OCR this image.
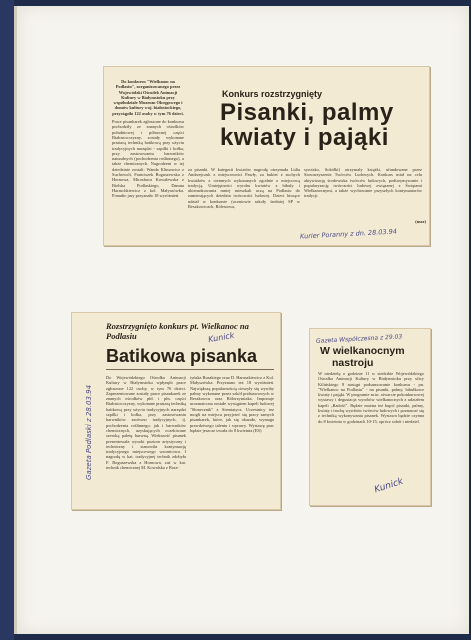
Do konkursu "Wielkanoc na Podlasiu", zorganizowanego przez Wojewódzki Ośrodek Animacji Kultury w Białymstoku przy współudziale Muzeum Okręgowego i domów kultury woj. białostockiego, przystąpiło 122 osoby w tym 76 dzieci.
Prace pisankarek zgłoszone do konkursu pochodziły ze znanych ośrodków południowej i północnej części Białostocczyzny, zostały wykonane prastarą techniką batikową przy użyciu tradycyjnych narzędzi - szpilki i kołka, przy zastosowaniu barwników naturalnych (pochodzenia roślinnego), a także chemicznych. Nagrodzeni w tej dziedzinie zostali: Wanda Klimowicz z Suchowoli, Franciszek Boguszewska z Hornowa, Mirosława Kowalewska z Bielska Podlaskiego, Danuta Haraschkiewicz z kol. Małyszówka. Ponadto jury przyznało 18 wyróżnień.
Konkurs rozstrzygnięty
Pisanki, palmy
kwiaty i pająki
za pisanki. W kategorii kwiatów nagrodę otrzymała Lidia Andrzejczuk z miejscowości Pawły, za bukiet z suchych kwiatków z ciemnych wykonanych zgodnie z miejscową tradycją. Umiejętności wyrobu kwiatów z bibuły i ukierunkowania mniej mieszkali uczą na Podlasiu do zamierających dziedzin twórczości ludowej. Dzieci biorące udział w konkursie (uczniowie szkoły średniej SP w Reszkowicach, Rólestowa,
syrotsko, Sokółki) otrzymały książki, ufundowane przez Stowarzyszenie Twórców Ludowych. Konkurs miał na celu aktywizację środowiska twórców ludowych, podtrzymywanie i popularyzację twórczości ludowej związanej z Świętami Wielkanocnymi, a także wychowanie przyszłych kontynuatorów tradycji.
(mar)
Kurier Poranny z dn. 28.03.94
Gazeta Podlaski z 28.03.94
Rozstrzygnięto konkurs pt. Wielkanoc na Podlasiu	Kunick
Batikowa pisanka
Do Wojewódzkiego Ośrodka Animacji Kultury w Białymstoku wpłynęło prace zgłoszone 122 osoby, w tym 76 dzieci. Zaprezentowane zostały prace pisankarek ze znanych ośrodków płd. i płn. części Białostocczyzny, wykonane prastarą techniką batikową przy użyciu tradycyjnych narzędzi szpilki i kołka, przy zastosowaniu barwników zarówno tradycyjnych, tj. pochodzenia roślinnego, jak i barwników chemicznych, uzyskujących oczekiwane szeroką paletę barwną. Wiekszość pisanek prezentowała wysoki poziom artystyczny i techniczny i stanowiła kontynuację tradycyjnego miejscowego wzornictwa. I nagrodę w kat. tradycyjnej technik zdobyła F. Boguszewska z Hornowa, zaś w kat. technik chemicznej M. Kowalska z Bora-
tyńska Rusakiego oraz D. Haraszkiewicz z Kol. Małyszówka. Przyznano też 18 wyróżnień. Największą popularnością cieszyły się wyroby palmy wykonane przez szkół podstawowych w Reszkowcu oraz Rólorzymiaka. Imponuje urozmaicona zostałe wystąpiem kapeli ludowej "Słonecznik" z Siemiatycz. Uczestnicy tez mogli na miejscu przyjrzeć się pracy samych pisankarek, które, jak się okazało, wymaga prawdziwego talentu i wprawy. Wystawę prac będzie jeszcze trwała do 8 kwietnia (ES)
Gazeta Współczesna z 29.03
W wielkanocnym
nastroju
W niedzielę o godzinie 11 w siedzibie Wojewódzkiego Ośrodka Animacji Kultury w Białymstoku przy ulicy Kilińskiego 8 nastąpi podsumowanie konkursu - pn. "Wielkanoc na Podlasiu" - na pisanki, palmy, bibułkowe kwiaty i pająki. W programie m.in. otwarcie pokonkursowej wystawy i degustacja wyrobów wielkanocnych z udziałem kapeli „Radość". Będzie można też kupić pisanki, palmy, kwiaty i trochę wyrobów twórców ludowych i poznawać się z techniką wykonywania pisanek. Wystawa będzie czynna do 8 kwietnia w godzinach 10-15, oprócz sobót i niedziel.
Kunick
